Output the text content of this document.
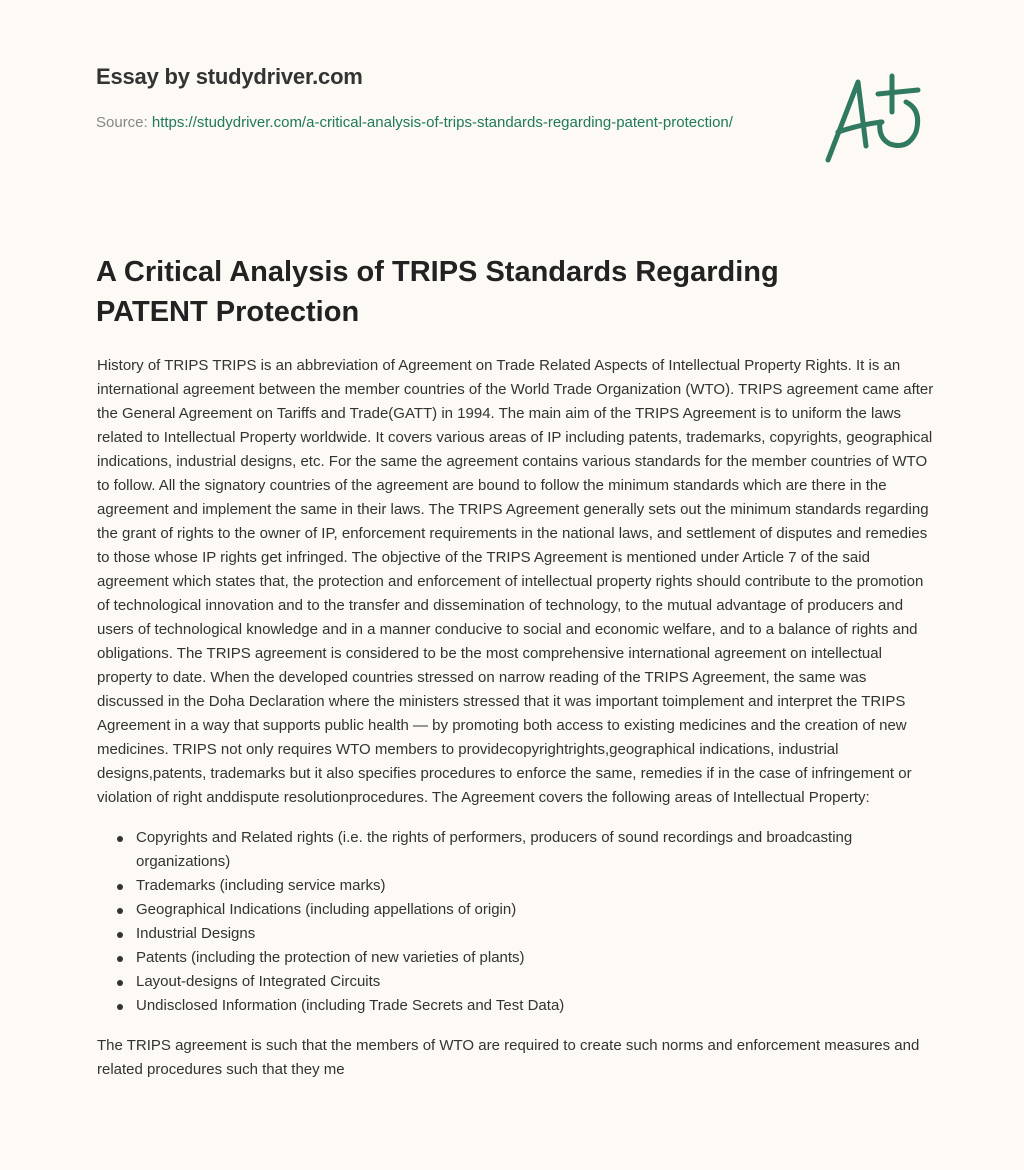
Essay by studydriver.com
Source: https://studydriver.com/a-critical-analysis-of-trips-standards-regarding-patent-protection/
A Critical Analysis of TRIPS Standards Regarding PATENT Protection

History of TRIPS TRIPS is an abbreviation of Agreement on Trade Related Aspects of Intellectual Property Rights. It is an international agreement between the member countries of the World Trade Organization (WTO). TRIPS agreement came after the General Agreement on Tariffs and Trade(GATT) in 1994. The main aim of the TRIPS Agreement is to uniform the laws related to Intellectual Property worldwide. It covers various areas of IP including patents, trademarks, copyrights, geographical indications, industrial designs, etc. For the same the agreement contains various standards for the member countries of WTO to follow. All the signatory countries of the agreement are bound to follow the minimum standards which are there in the agreement and implement the same in their laws. The TRIPS Agreement generally sets out the minimum standards regarding the grant of rights to the owner of IP, enforcement requirements in the national laws, and settlement of disputes and remedies to those whose IP rights get infringed. The objective of the TRIPS Agreement is mentioned under Article 7 of the said agreement which states that, the protection and enforcement of intellectual property rights should contribute to the promotion of technological innovation and to the transfer and dissemination of technology, to the mutual advantage of producers and users of technological knowledge and in a manner conducive to social and economic welfare, and to a balance of rights and obligations. The TRIPS agreement is considered to be the most comprehensive international agreement on intellectual property to date. When the developed countries stressed on narrow reading of the TRIPS Agreement, the same was discussed in the Doha Declaration where the ministers stressed that it was important toimplement and interpret the TRIPS Agreement in a way that supports public health — by promoting both access to existing medicines and the creation of new medicines. TRIPS not only requires WTO members to providecopyrightrights,geographical indications, industrial designs,patents, trademarks but it also specifies procedures to enforce the same, remedies if in the case of infringement or violation of right anddispute resolutionprocedures. The Agreement covers the following areas of Intellectual Property:

Copyrights and Related rights (i.e. the rights of performers, producers of sound recordings and broadcasting organizations)
Trademarks (including service marks)
Geographical Indications (including appellations of origin)
Industrial Designs
Patents (including the protection of new varieties of plants)
Layout-designs of Integrated Circuits
Undisclosed Information (including Trade Secrets and Test Data)

The TRIPS agreement is such that the members of WTO are required to create such norms and enforcement measures and related procedures such that they me
